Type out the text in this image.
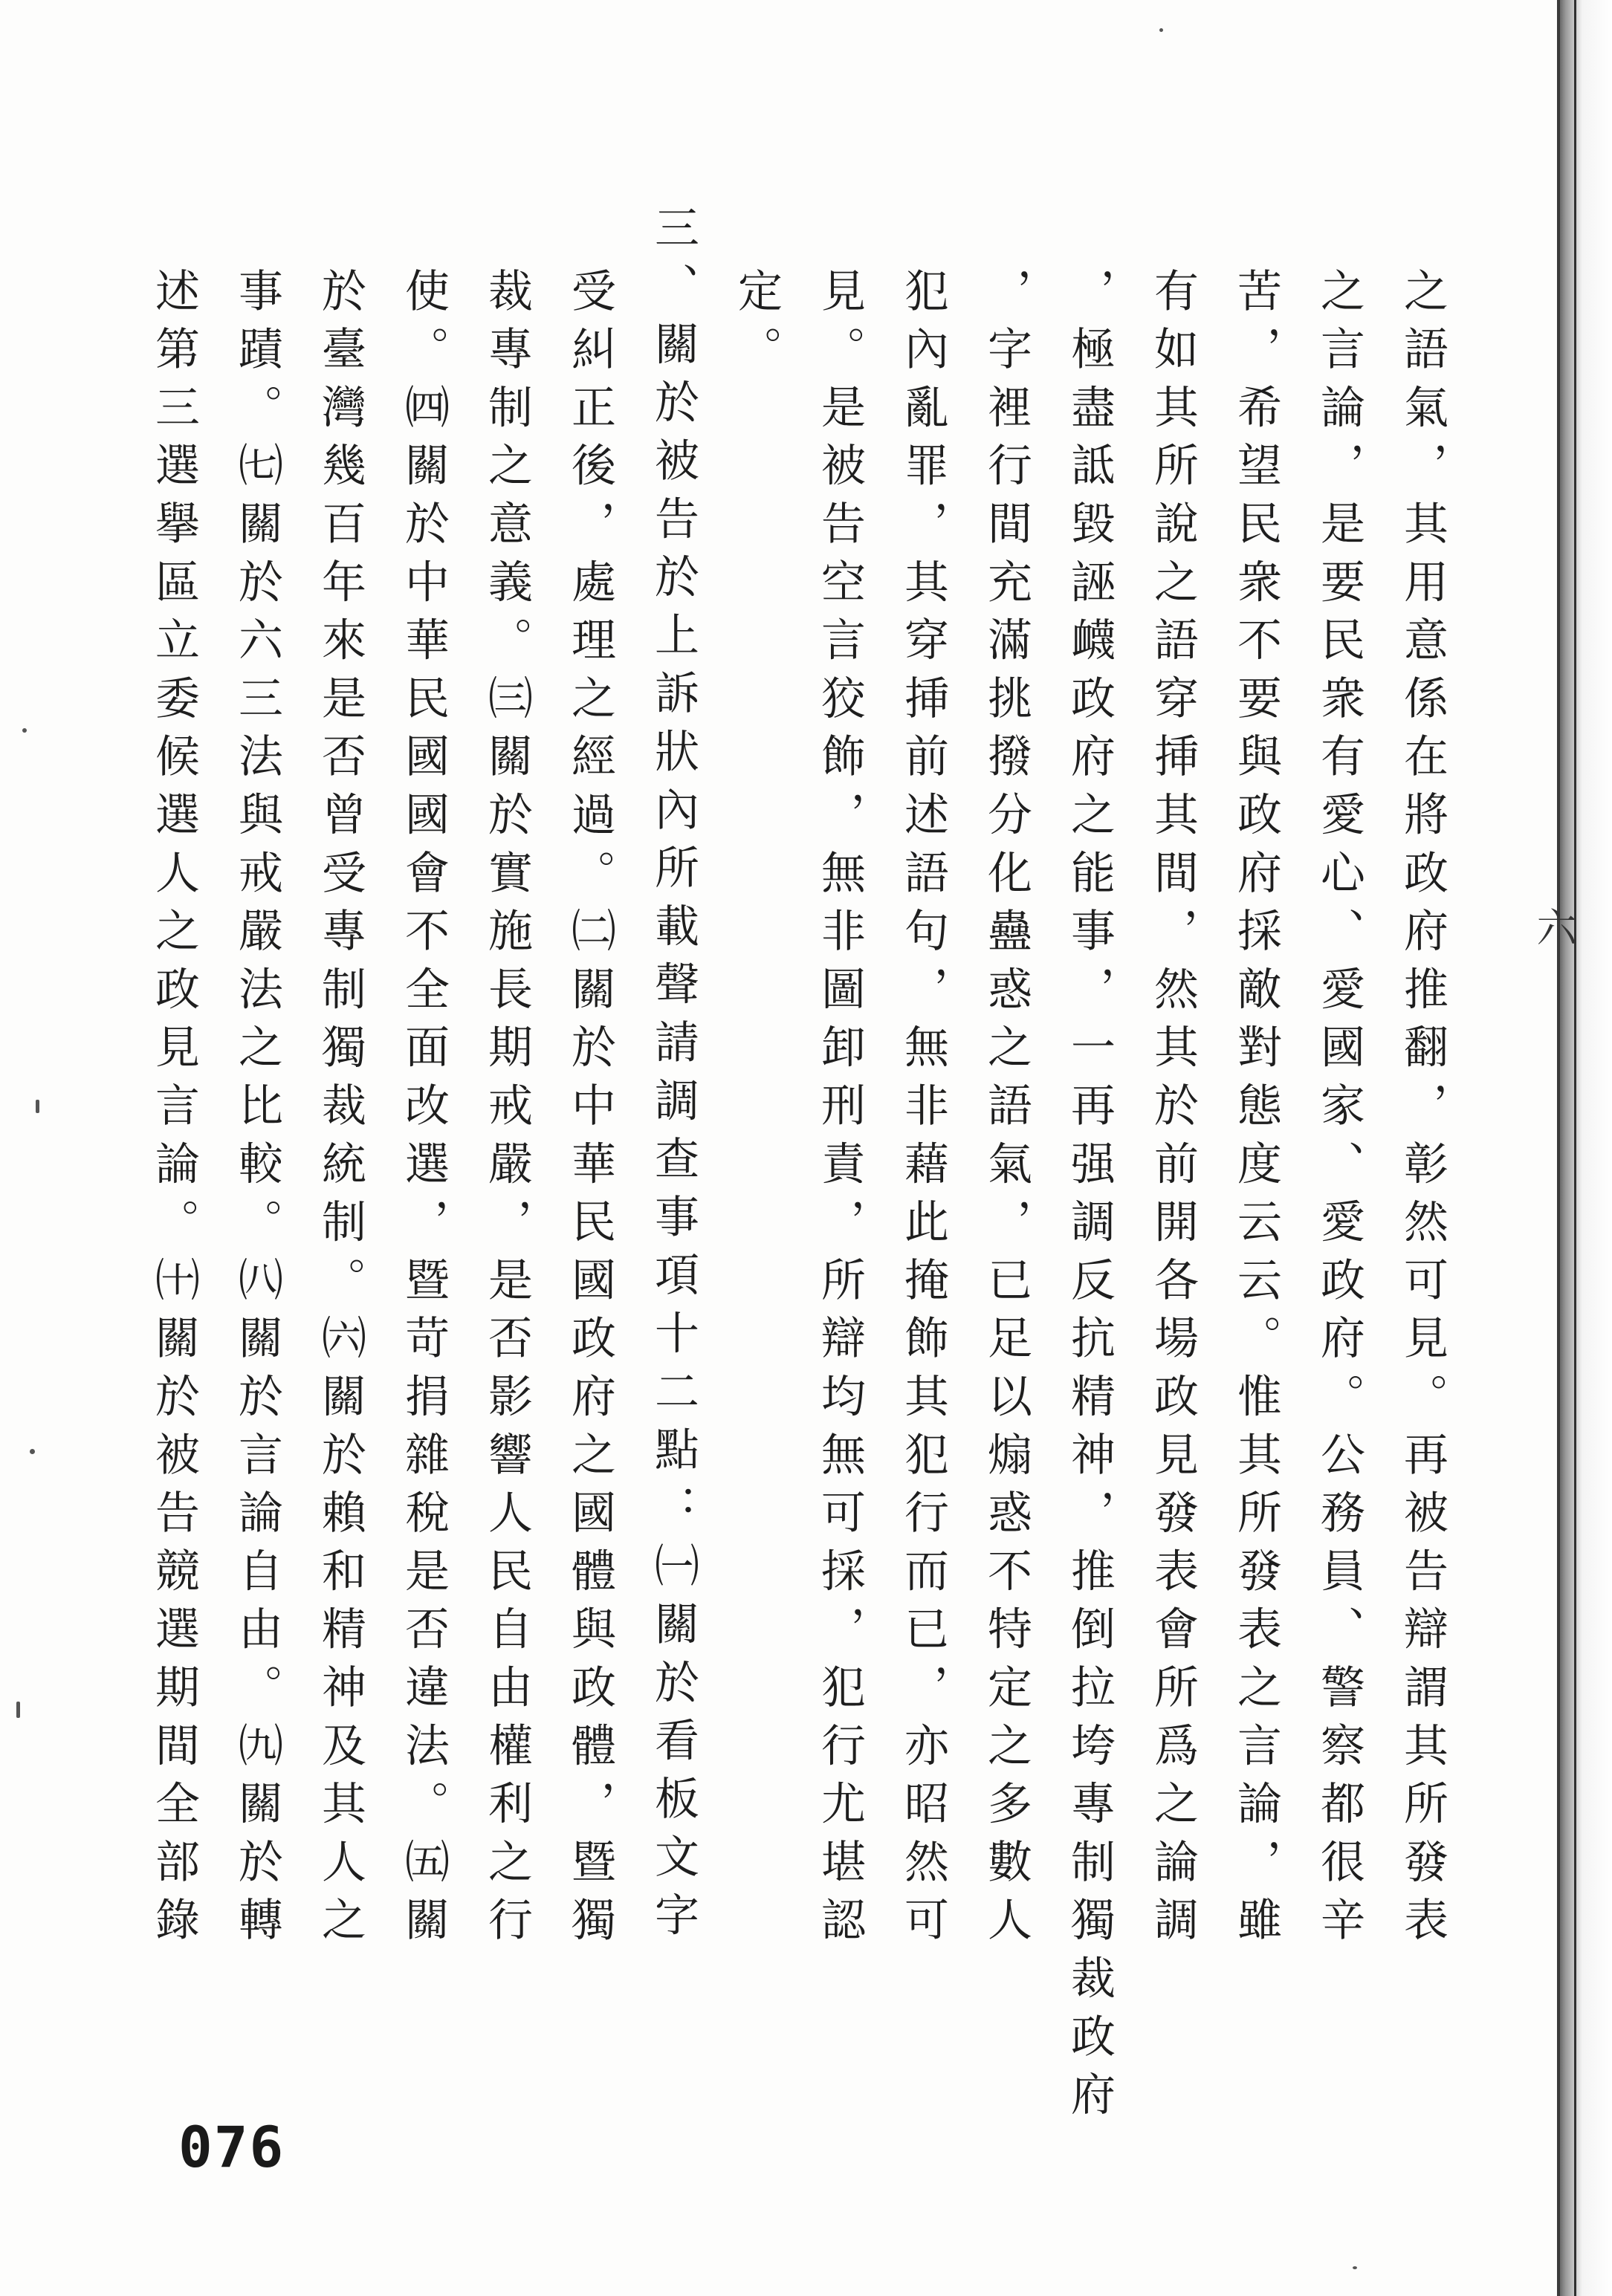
之語氣，其用意係在將政府推翻，彰然可見。再被告辯謂其所發表
之言論，是要民衆有愛心、愛國家、愛政府。公務員、警察都很辛
苦，希望民衆不要與政府採敵對態度云云。惟其所發表之言論，雖
有如其所說之語穿挿其間，然其於前開各場政見發表會所爲之論調
，極盡詆毀誣衊政府之能事，一再强調反抗精神，推倒拉垮專制獨裁政府
，字裡行間充滿挑撥分化蠱惑之語氣，已足以煽惑不特定之多數人
犯內亂罪，其穿挿前述語句，無非藉此掩飾其犯行而已，亦昭然可
見。是被告空言狡飾，無非圖卸刑責，所辯均無可採，犯行尤堪認
定。
三、關於被告於上訴狀內所載聲請調查事項十二點：㈠關於看板文字
受糾正後，處理之經過。㈡關於中華民國政府之國體與政體，暨獨
裁專制之意義。㈢關於實施長期戒嚴，是否影響人民自由權利之行
使。㈣關於中華民國國會不全面改選，暨苛捐雜稅是否違法。㈤關
於臺灣幾百年來是否曾受專制獨裁統制。㈥關於賴和精神及其人之
事蹟。㈦關於六三法與戒嚴法之比較。㈧關於言論自由。㈨關於轉
述第三選擧區立委候選人之政見言論。㈩關於被告競選期間全部錄
076
六
